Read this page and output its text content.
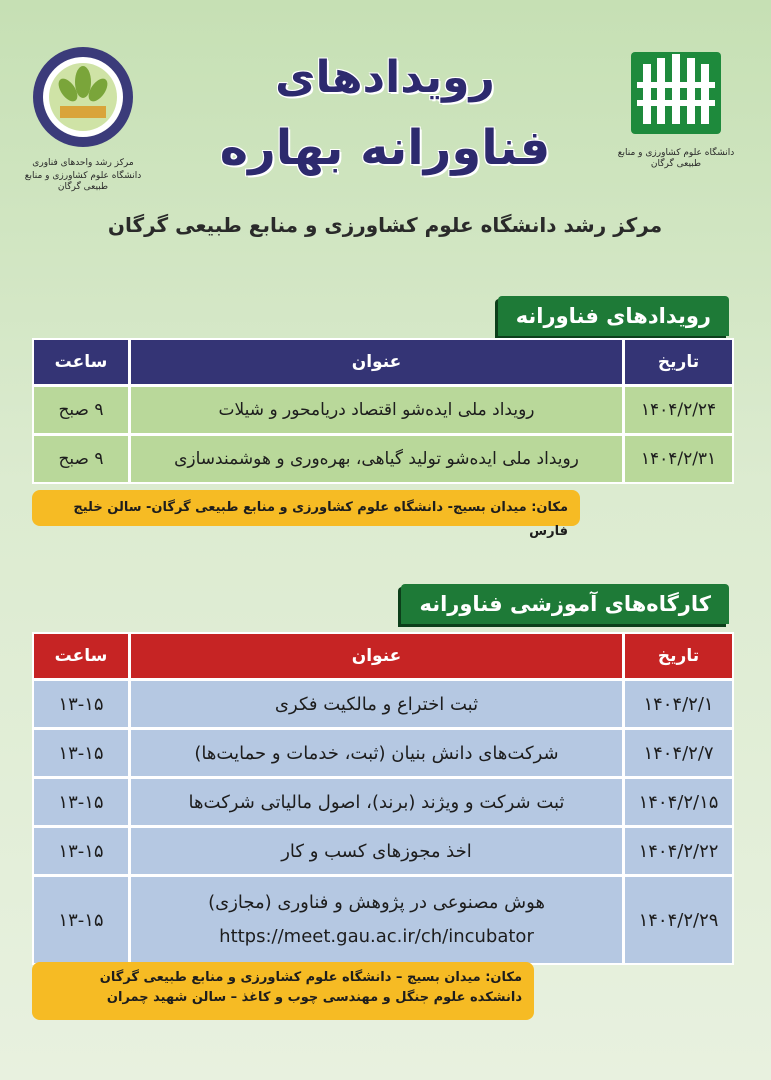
دانشگاه علوم کشاورزی و منابع طبیعی گرگان
مرکز رشد واحدهای فناوری
دانشگاه علوم کشاورزی و منابع طبیعی گرگان
رویدادهای
فناورانه بهاره
مرکز رشد دانشگاه علوم کشاورزی و منابع طبیعی گرگان
رویدادهای فناورانه
تاریخ
عنوان
ساعت
۱۴۰۴/۲/۲۴
رویداد ملی ایده‌شو اقتصاد دریامحور و شیلات
۹ صبح
۱۴۰۴/۲/۳۱
رویداد ملی ایده‌شو تولید گیاهی، بهره‌وری و هوشمندسازی
۹ صبح
مکان: میدان بسیج- دانشگاه علوم کشاورزی و منابع طبیعی گرگان- سالن خلیج فارس
کارگاه‌های آموزشی فناورانه
تاریخ
عنوان
ساعت
۱۴۰۴/۲/۱
ثبت اختراع و مالکیت فکری
۱۳-۱۵
۱۴۰۴/۲/۷
شرکت‌های دانش بنیان (ثبت، خدمات و حمایت‌ها)
۱۳-۱۵
۱۴۰۴/۲/۱۵
ثبت شرکت و ویژند (برند)، اصول مالیاتی شرکت‌ها
۱۳-۱۵
۱۴۰۴/۲/۲۲
اخذ مجوزهای کسب و کار
۱۳-۱۵
۱۴۰۴/۲/۲۹
هوش مصنوعی در پژوهش و فناوری (مجازی)
https://meet.gau.ac.ir/ch/incubator
۱۳-۱۵
مکان: میدان بسیج – دانشگاه علوم کشاورزی و منابع طبیعی گرگان
دانشکده علوم جنگل و مهندسی چوب و کاغذ – سالن شهید چمران
